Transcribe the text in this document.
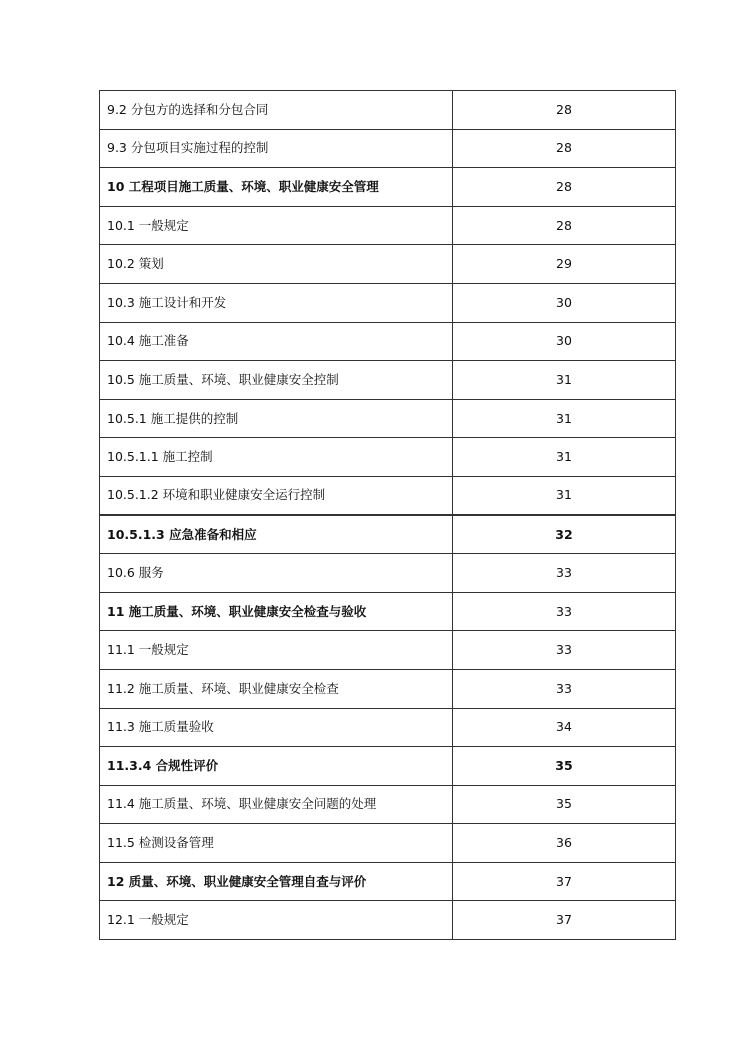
9.2 分包方的选择和分包合同	28
9.3 分包项目实施过程的控制	28
10 工程项目施工质量、环境、职业健康安全管理	28
10.1 一般规定	28
10.2 策划	29
10.3 施工设计和开发	30
10.4 施工准备	30
10.5 施工质量、环境、职业健康安全控制	31
10.5.1 施工提供的控制	31
10.5.1.1 施工控制	31
10.5.1.2 环境和职业健康安全运行控制	31
10.5.1.3 应急准备和相应	32
10.6 服务	33
11 施工质量、环境、职业健康安全检查与验收	33
11.1 一般规定	33
11.2 施工质量、环境、职业健康安全检查	33
11.3 施工质量验收	34
11.3.4 合规性评价	35
11.4 施工质量、环境、职业健康安全问题的处理	35
11.5 检测设备管理	36
12 质量、环境、职业健康安全管理自查与评价	37
12.1 一般规定	37
